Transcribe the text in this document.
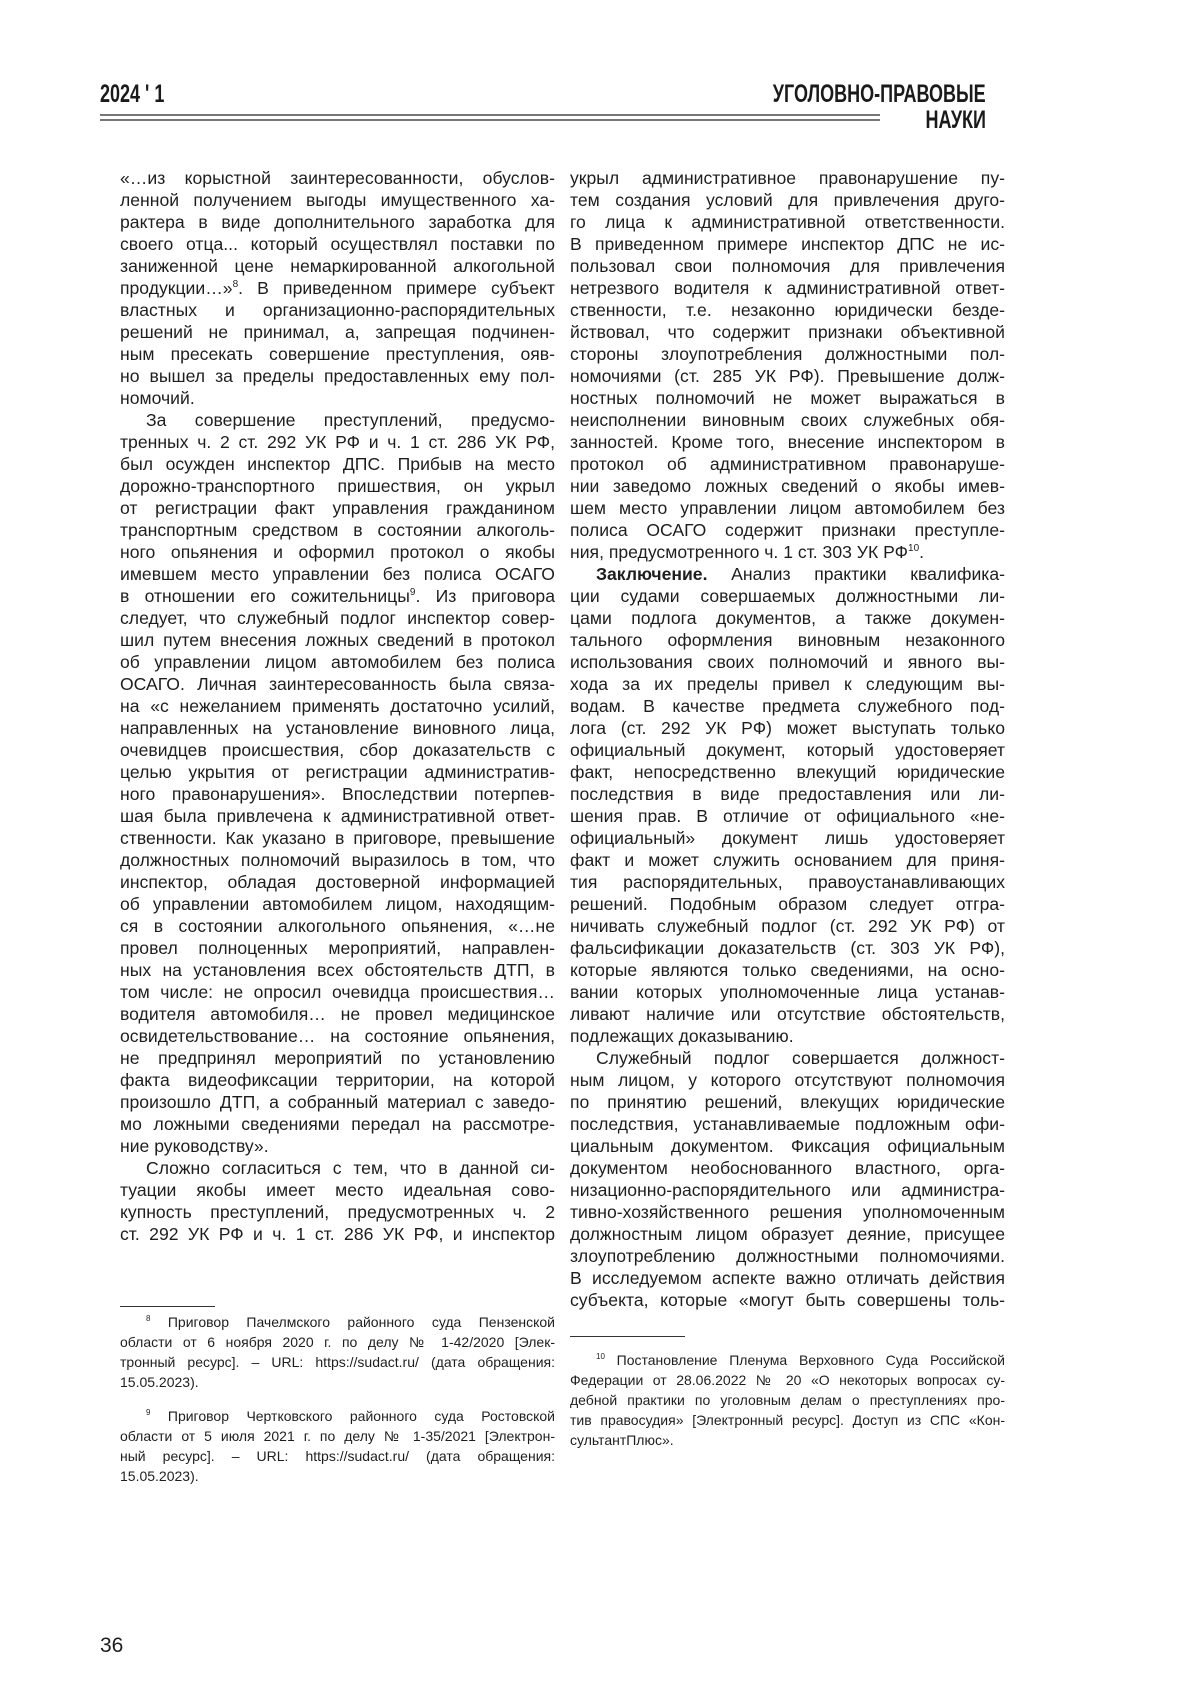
2024 ' 1	УГОЛОВНО-ПРАВОВЫЕ
НАУКИ
«…из корыстной заинтересованности, обуслов-
ленной получением выгоды имущественного ха-
рактера в виде дополнительного заработка для
своего отца... который осуществлял поставки по
заниженной цене немаркированной алкогольной
продукции…»8. В приведенном примере субъект
властных и организационно-распорядительных
решений не принимал, а, запрещая подчинен-
ным пресекать совершение преступления, ояв-
но вышел за пределы предоставленных ему пол-
номочий.
За совершение преступлений, предусмо-
тренных ч. 2 ст. 292 УК РФ и ч. 1 ст. 286 УК РФ,
был осужден инспектор ДПС. Прибыв на место
дорожно-транспортного пришествия, он укрыл
от регистрации факт управления гражданином
транспортным средством в состоянии алкоголь-
ного опьянения и оформил протокол о якобы
имевшем место управлении без полиса ОСАГО
в отношении его сожительницы9. Из приговора
следует, что служебный подлог инспектор совер-
шил путем внесения ложных сведений в протокол
об управлении лицом автомобилем без полиса
ОСАГО. Личная заинтересованность была связа-
на «с нежеланием применять достаточно усилий,
направленных на установление виновного лица,
очевидцев происшествия, сбор доказательств с
целью укрытия от регистрации административ-
ного правонарушения». Впоследствии потерпев-
шая была привлечена к административной ответ-
ственности. Как указано в приговоре, превышение
должностных полномочий выразилось в том, что
инспектор, обладая достоверной информацией
об управлении автомобилем лицом, находящим-
ся в состоянии алкогольного опьянения, «…не
провел полноценных мероприятий, направлен-
ных на установления всех обстоятельств ДТП, в
том числе: не опросил очевидца происшествия…
водителя автомобиля… не провел медицинское
освидетельствование… на состояние опьянения,
не предпринял мероприятий по установлению
факта видеофиксации территории, на которой
произошло ДТП, а собранный материал с заведо-
мо ложными сведениями передал на рассмотре-
ние руководству».
Сложно согласиться с тем, что в данной си-
туации якобы имеет место идеальная сово-
купность преступлений, предусмотренных ч. 2
ст. 292 УК РФ и ч. 1 ст. 286 УК РФ, и инспектор
укрыл административное правонарушение пу-
тем создания условий для привлечения друго-
го лица к административной ответственности.
В приведенном примере инспектор ДПС не ис-
пользовал свои полномочия для привлечения
нетрезвого водителя к административной ответ-
ственности, т.е. незаконно юридически безде-
йствовал, что содержит признаки объективной
стороны злоупотребления должностными пол-
номочиями (ст. 285 УК РФ). Превышение долж-
ностных полномочий не может выражаться в
неисполнении виновным своих служебных обя-
занностей. Кроме того, внесение инспектором в
протокол об административном правонаруше-
нии заведомо ложных сведений о якобы имев-
шем место управлении лицом автомобилем без
полиса ОСАГО содержит признаки преступле-
ния, предусмотренного ч. 1 ст. 303 УК РФ10.
Заключение. Анализ практики квалифика-
ции судами совершаемых должностными ли-
цами подлога документов, а также докумен-
тального оформления виновным незаконного
использования своих полномочий и явного вы-
хода за их пределы привел к следующим вы-
водам. В качестве предмета служебного под-
лога (ст. 292 УК РФ) может выступать только
официальный документ, который удостоверяет
факт, непосредственно влекущий юридические
последствия в виде предоставления или ли-
шения прав. В отличие от официального «не-
официальный» документ лишь удостоверяет
факт и может служить основанием для приня-
тия распорядительных, правоустанавливающих
решений. Подобным образом следует отгра-
ничивать служебный подлог (ст. 292 УК РФ) от
фальсификации доказательств (ст. 303 УК РФ),
которые являются только сведениями, на осно-
вании которых уполномоченные лица устанав-
ливают наличие или отсутствие обстоятельств,
подлежащих доказыванию.
Служебный подлог совершается должност-
ным лицом, у которого отсутствуют полномочия
по принятию решений, влекущих юридические
последствия, устанавливаемые подложным офи-
циальным документом. Фиксация официальным
документом необоснованного властного, орга-
низационно-распорядительного или администра-
тивно-хозяйственного решения уполномоченным
должностным лицом образует деяние, присущее
злоупотреблению должностными полномочиями.
В исследуемом аспекте важно отличать действия
субъекта, которые «могут быть совершены толь-
8 Приговор Пачелмского районного суда Пензенской
области от 6 ноября 2020 г. по делу № 1-42/2020 [Элек-
тронный ресурс]. – URL: https://sudact.ru/ (дата обращения:
15.05.2023).
9 Приговор Чертковского районного суда Ростовской
области от 5 июля 2021 г. по делу № 1-35/2021 [Электрон-
ный ресурс]. – URL: https://sudact.ru/ (дата обращения:
15.05.2023).
10 Постановление Пленума Верховного Суда Российской
Федерации от 28.06.2022 № 20 «О некоторых вопросах су-
дебной практики по уголовным делам о преступлениях про-
тив правосудия» [Электронный ресурс]. Доступ из СПС «Кон-
сультантПлюс».
36
